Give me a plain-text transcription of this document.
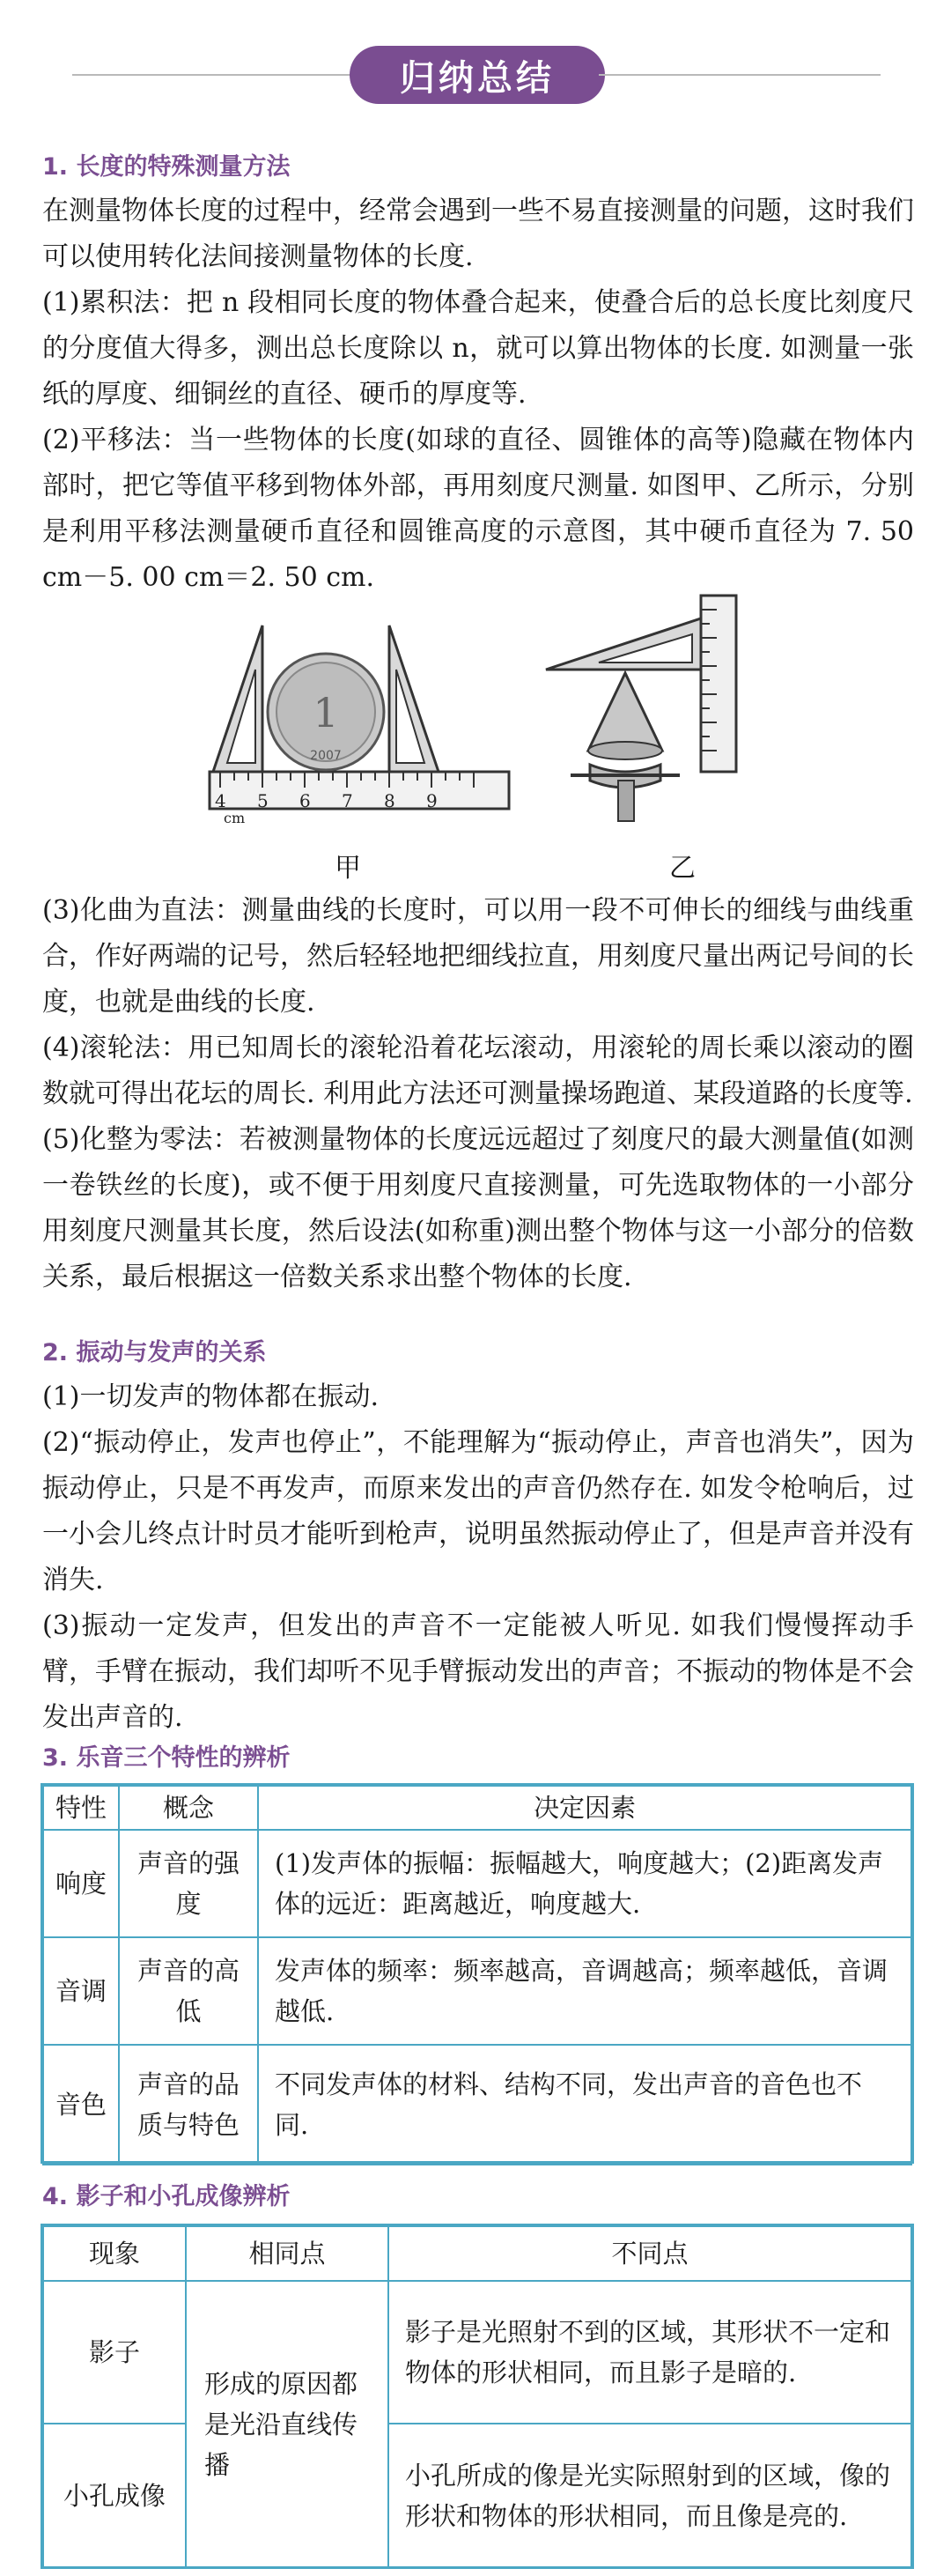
归纳总结
1. 长度的特殊测量方法

在测量物体长度的过程中，经常会遇到一些不易直接测量的问题，这时我们可以使用转化法间接测量物体的长度.

(1)累积法：把 n 段相同长度的物体叠合起来，使叠合后的总长度比刻度尺的分度值大得多，测出总长度除以 n，就可以算出物体的长度. 如测量一张纸的厚度、细铜丝的直径、硬币的厚度等.

(2)平移法：当一些物体的长度(如球的直径、圆锥体的高等)隐藏在物体内部时，把它等值平移到物体外部，再用刻度尺测量. 如图甲、乙所示，分别是利用平移法测量硬币直径和圆锥高度的示意图，其中硬币直径为 7. 50 cm－5. 00 cm＝2. 50 cm.

4 5 6 7 8 9
cm
1
2007
甲	乙

(3)化曲为直法：测量曲线的长度时，可以用一段不可伸长的细线与曲线重合，作好两端的记号，然后轻轻地把细线拉直，用刻度尺量出两记号间的长度，也就是曲线的长度.

(4)滚轮法：用已知周长的滚轮沿着花坛滚动，用滚轮的周长乘以滚动的圈数就可得出花坛的周长. 利用此方法还可测量操场跑道、某段道路的长度等.

(5)化整为零法：若被测量物体的长度远远超过了刻度尺的最大测量值(如测一卷铁丝的长度)，或不便于用刻度尺直接测量，可先选取物体的一小部分用刻度尺测量其长度，然后设法(如称重)测出整个物体与这一小部分的倍数关系，最后根据这一倍数关系求出整个物体的长度.

2. 振动与发声的关系

(1)一切发声的物体都在振动.

(2)“振动停止，发声也停止”，不能理解为“振动停止，声音也消失”，因为振动停止，只是不再发声，而原来发出的声音仍然存在. 如发令枪响后，过一小会儿终点计时员才能听到枪声，说明虽然振动停止了，但是声音并没有消失.

(3)振动一定发声，但发出的声音不一定能被人听见. 如我们慢慢挥动手臂，手臂在振动，我们却听不见手臂振动发出的声音；不振动的物体是不会发出声音的.

3. 乐音三个特性的辨析
特性	概念	决定因素
响度	声音的强度	(1)发声体的振幅：振幅越大，响度越大；(2)距离发声体的远近：距离越近，响度越大.
音调	声音的高低	发声体的频率：频率越高，音调越高；频率越低，音调越低.
音色	声音的品质与特色	不同发声体的材料、结构不同，发出声音的音色也不同.
4. 影子和小孔成像辨析
现象	相同点	不同点
影子	形成的原因都是光沿直线传播	影子是光照射不到的区域，其形状不一定和物体的形状相同，而且影子是暗的.
小孔成像		小孔所成的像是光实际照射到的区域，像的形状和物体的形状相同，而且像是亮的.
